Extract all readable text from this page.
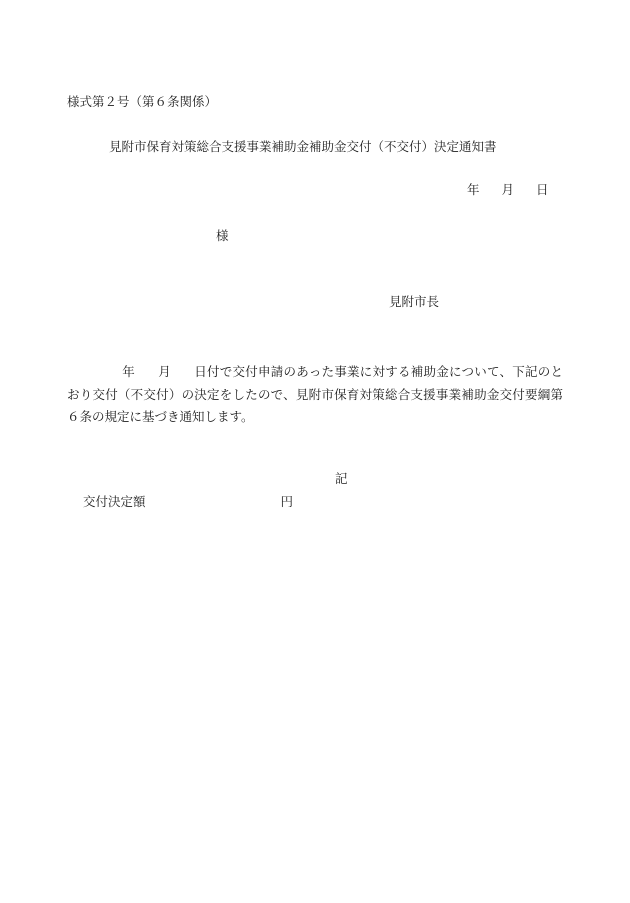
様式第２号（第６条関係）
見附市保育対策総合支援事業補助金補助金交付（不交付）決定通知書
年 月 日
様
見附市長
年 月 日付で交付申請のあった事業に対する補助金について、下記のとおり交付（不交付）の決定をしたので、見附市保育対策総合支援事業補助金交付要綱第６条の規定に基づき通知します。
記
交付決定額	円
